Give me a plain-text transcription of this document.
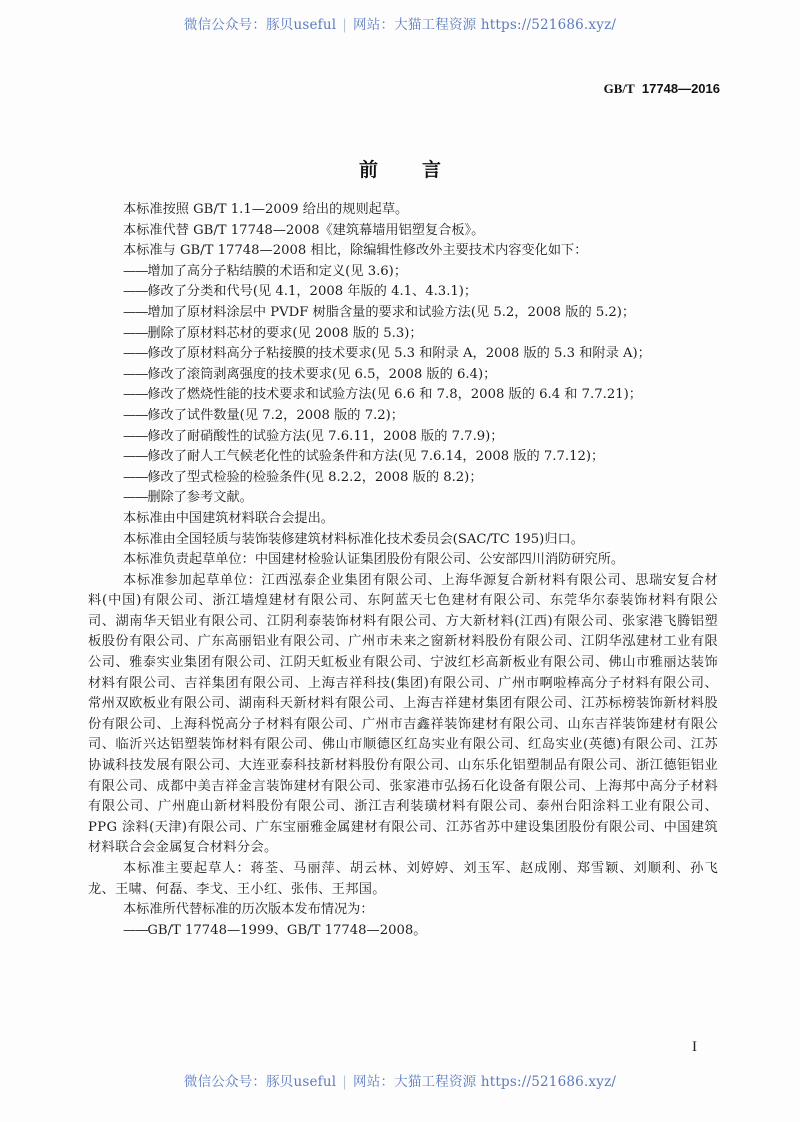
微信公众号：豚贝useful | 网站：大猫工程资源 https://521686.xyz/
GB/T 17748—2016
前言

本标准按照 GB/T 1.1—2009 给出的规则起草。

本标准代替 GB/T 17748—2008《建筑幕墙用铝塑复合板》。

本标准与 GB/T 17748—2008 相比，除编辑性修改外主要技术内容变化如下：

——增加了高分子粘结膜的术语和定义(见 3.6)；

——修改了分类和代号(见 4.1，2008 年版的 4.1、4.3.1)；

——增加了原材料涂层中 PVDF 树脂含量的要求和试验方法(见 5.2，2008 版的 5.2)；

——删除了原材料芯材的要求(见 2008 版的 5.3)；

——修改了原材料高分子粘接膜的技术要求(见 5.3 和附录 A，2008 版的 5.3 和附录 A)；

——修改了滚筒剥离强度的技术要求(见 6.5，2008 版的 6.4)；

——修改了燃烧性能的技术要求和试验方法(见 6.6 和 7.8，2008 版的 6.4 和 7.7.21)；

——修改了试件数量(见 7.2，2008 版的 7.2)；

——修改了耐硝酸性的试验方法(见 7.6.11，2008 版的 7.7.9)；

——修改了耐人工气候老化性的试验条件和方法(见 7.6.14，2008 版的 7.7.12)；

——修改了型式检验的检验条件(见 8.2.2，2008 版的 8.2)；

——删除了参考文献。

本标准由中国建筑材料联合会提出。

本标准由全国轻质与装饰装修建筑材料标准化技术委员会(SAC/TC 195)归口。

本标准负责起草单位：中国建材检验认证集团股份有限公司、公安部四川消防研究所。

本标准参加起草单位：江西泓泰企业集团有限公司、上海华源复合新材料有限公司、思瑞安复合材料(中国)有限公司、浙江墙煌建材有限公司、东阿蓝天七色建材有限公司、东莞华尔泰装饰材料有限公司、湖南华天铝业有限公司、江阴利泰装饰材料有限公司、方大新材料(江西)有限公司、张家港飞腾铝塑板股份有限公司、广东高丽铝业有限公司、广州市未来之窗新材料股份有限公司、江阴华泓建材工业有限公司、雅泰实业集团有限公司、江阴天虹板业有限公司、宁波红杉高新板业有限公司、佛山市雅丽达装饰材料有限公司、吉祥集团有限公司、上海吉祥科技(集团)有限公司、广州市啊啦棒高分子材料有限公司、常州双欧板业有限公司、湖南科天新材料有限公司、上海吉祥建材集团有限公司、江苏标榜装饰新材料股份有限公司、上海科悦高分子材料有限公司、广州市吉鑫祥装饰建材有限公司、山东吉祥装饰建材有限公司、临沂兴达铝塑装饰材料有限公司、佛山市顺德区红岛实业有限公司、红岛实业(英德)有限公司、江苏协诚科技发展有限公司、大连亚泰科技新材料股份有限公司、山东乐化铝塑制品有限公司、浙江德钜铝业有限公司、成都中美吉祥金言装饰建材有限公司、张家港市弘扬石化设备有限公司、上海邦中高分子材料有限公司、广州鹿山新材料股份有限公司、浙江吉利装璜材料有限公司、泰州台阳涂料工业有限公司、PPG 涂料(天津)有限公司、广东宝丽雅金属建材有限公司、江苏省苏中建设集团股份有限公司、中国建筑材料联合会金属复合材料分会。

本标准主要起草人：蒋荃、马丽萍、胡云林、刘婷婷、刘玉军、赵成刚、郑雪颖、刘顺利、孙飞龙、王啸、何磊、李戈、王小红、张伟、王邦国。

本标准所代替标准的历次版本发布情况为：

——GB/T 17748—1999、GB/T 17748—2008。

I
微信公众号：豚贝useful | 网站：大猫工程资源 https://521686.xyz/
